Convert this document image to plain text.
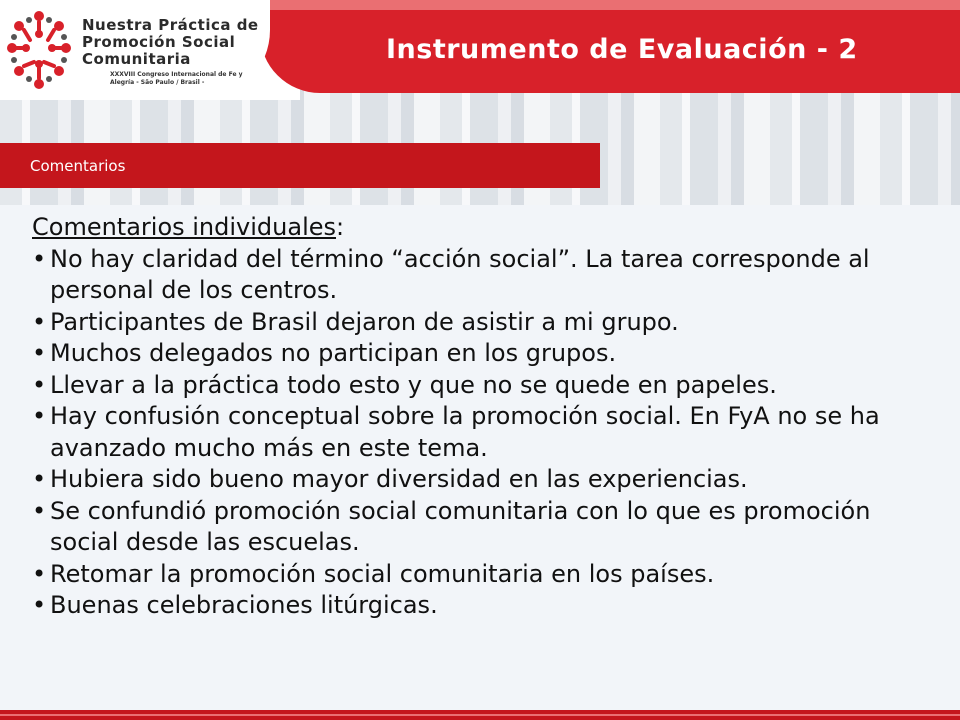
Instrumento de Evaluación - 2
Nuestra Práctica de
Promoción Social
Comunitaria
XXXVIII Congreso Internacional de Fe y Alegría - São Paulo / Brasil -
Comentarios
Comentarios individuales:
• No hay claridad del término “acción social”. La tarea corresponde al personal de los centros.
• Participantes de Brasil dejaron de asistir a mi grupo.
• Muchos delegados no participan en los grupos.
• Llevar a la práctica todo esto y que no se quede en papeles.
• Hay confusión conceptual sobre la promoción social. En FyA no se ha avanzado mucho más en este tema.
• Hubiera sido bueno mayor diversidad en las experiencias.
• Se confundió promoción social comunitaria con lo que es promoción social desde las escuelas.
• Retomar la promoción social comunitaria en los países.
• Buenas celebraciones litúrgicas.
